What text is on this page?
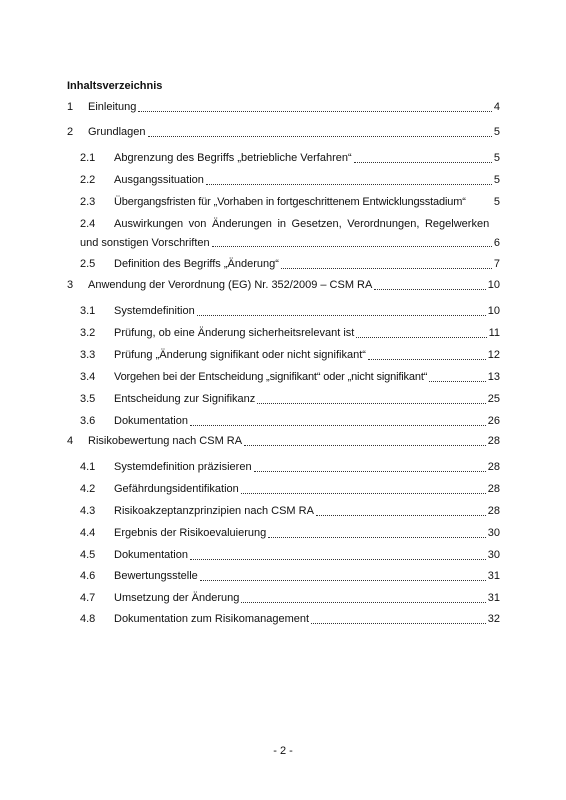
Inhaltsverzeichnis
1	Einleitung	4
2	Grundlagen	5
2.1	Abgrenzung des Begriffs „betriebliche Verfahren“	5
2.2	Ausgangssituation	5
2.3	Übergangsfristen für „Vorhaben in fortgeschrittenem Entwicklungsstadium“	5
2.4	Auswirkungen von Änderungen in Gesetzen, Verordnungen, Regelwerken
und sonstigen Vorschriften	6
2.5	Definition des Begriffs „Änderung“	7
3	Anwendung der Verordnung (EG) Nr. 352/2009 – CSM RA	10
3.1	Systemdefinition	10
3.2	Prüfung, ob eine Änderung sicherheitsrelevant ist	11
3.3	Prüfung „Änderung signifikant oder nicht signifikant“	12
3.4	Vorgehen bei der Entscheidung „signifikant“ oder „nicht signifikant“	13
3.5	Entscheidung zur Signifikanz	25
3.6	Dokumentation	26
4	Risikobewertung nach CSM RA	28
4.1	Systemdefinition präzisieren	28
4.2	Gefährdungsidentifikation	28
4.3	Risikoakzeptanzprinzipien nach CSM RA	28
4.4	Ergebnis der Risikoevaluierung	30
4.5	Dokumentation	30
4.6	Bewertungsstelle	31
4.7	Umsetzung der Änderung	31
4.8	Dokumentation zum Risikomanagement	32
- 2 -
